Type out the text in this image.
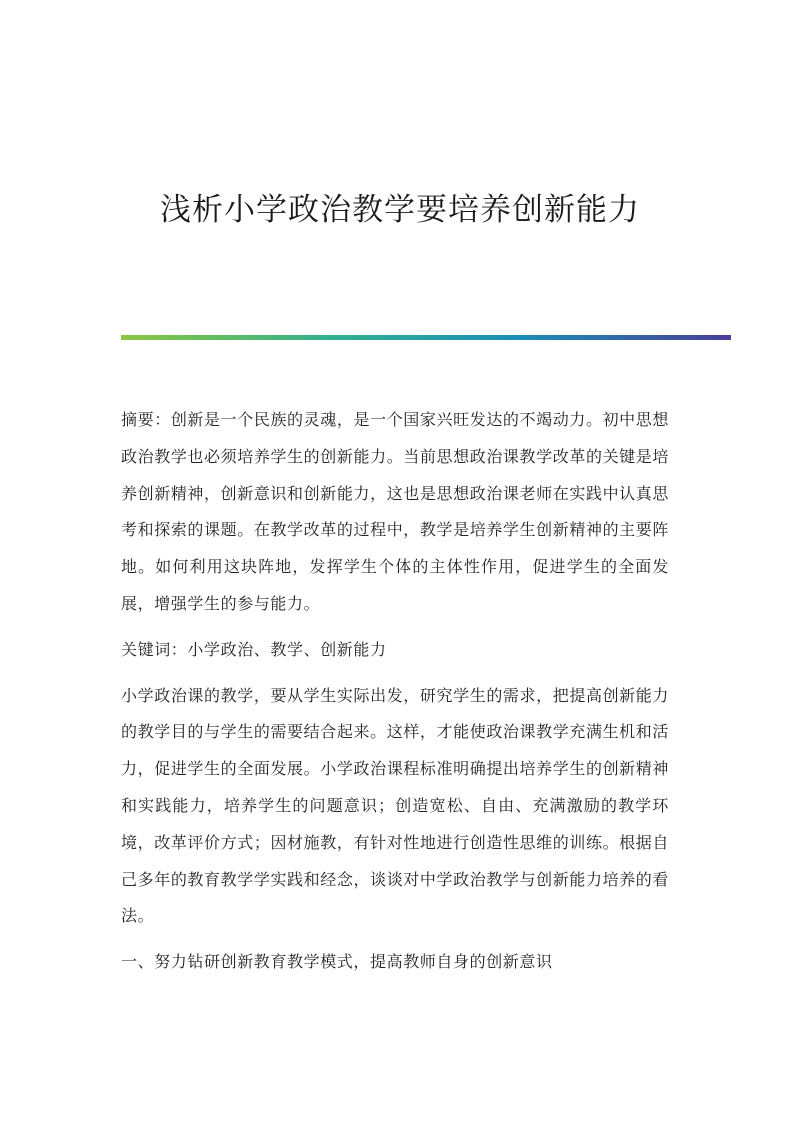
浅析小学政治教学要培养创新能力

摘要：创新是一个民族的灵魂，是一个国家兴旺发达的不竭动力。初中思想政治教学也必须培养学生的创新能力。当前思想政治课教学改革的关键是培养创新精神，创新意识和创新能力，这也是思想政治课老师在实践中认真思考和探索的课题。在教学改革的过程中，教学是培养学生创新精神的主要阵地。如何利用这块阵地，发挥学生个体的主体性作用，促进学生的全面发展，增强学生的参与能力。

关键词：小学政治、教学、创新能力

小学政治课的教学，要从学生实际出发，研究学生的需求，把提高创新能力的教学目的与学生的需要结合起来。这样，才能使政治课教学充满生机和活力，促进学生的全面发展。小学政治课程标准明确提出培养学生的创新精神和实践能力，培养学生的问题意识；创造宽松、自由、充满激励的教学环境，改革评价方式；因材施教，有针对性地进行创造性思维的训练。根据自己多年的教育教学学实践和经念，谈谈对中学政治教学与创新能力培养的看法。

一、努力钻研创新教育教学模式，提高教师自身的创新意识
